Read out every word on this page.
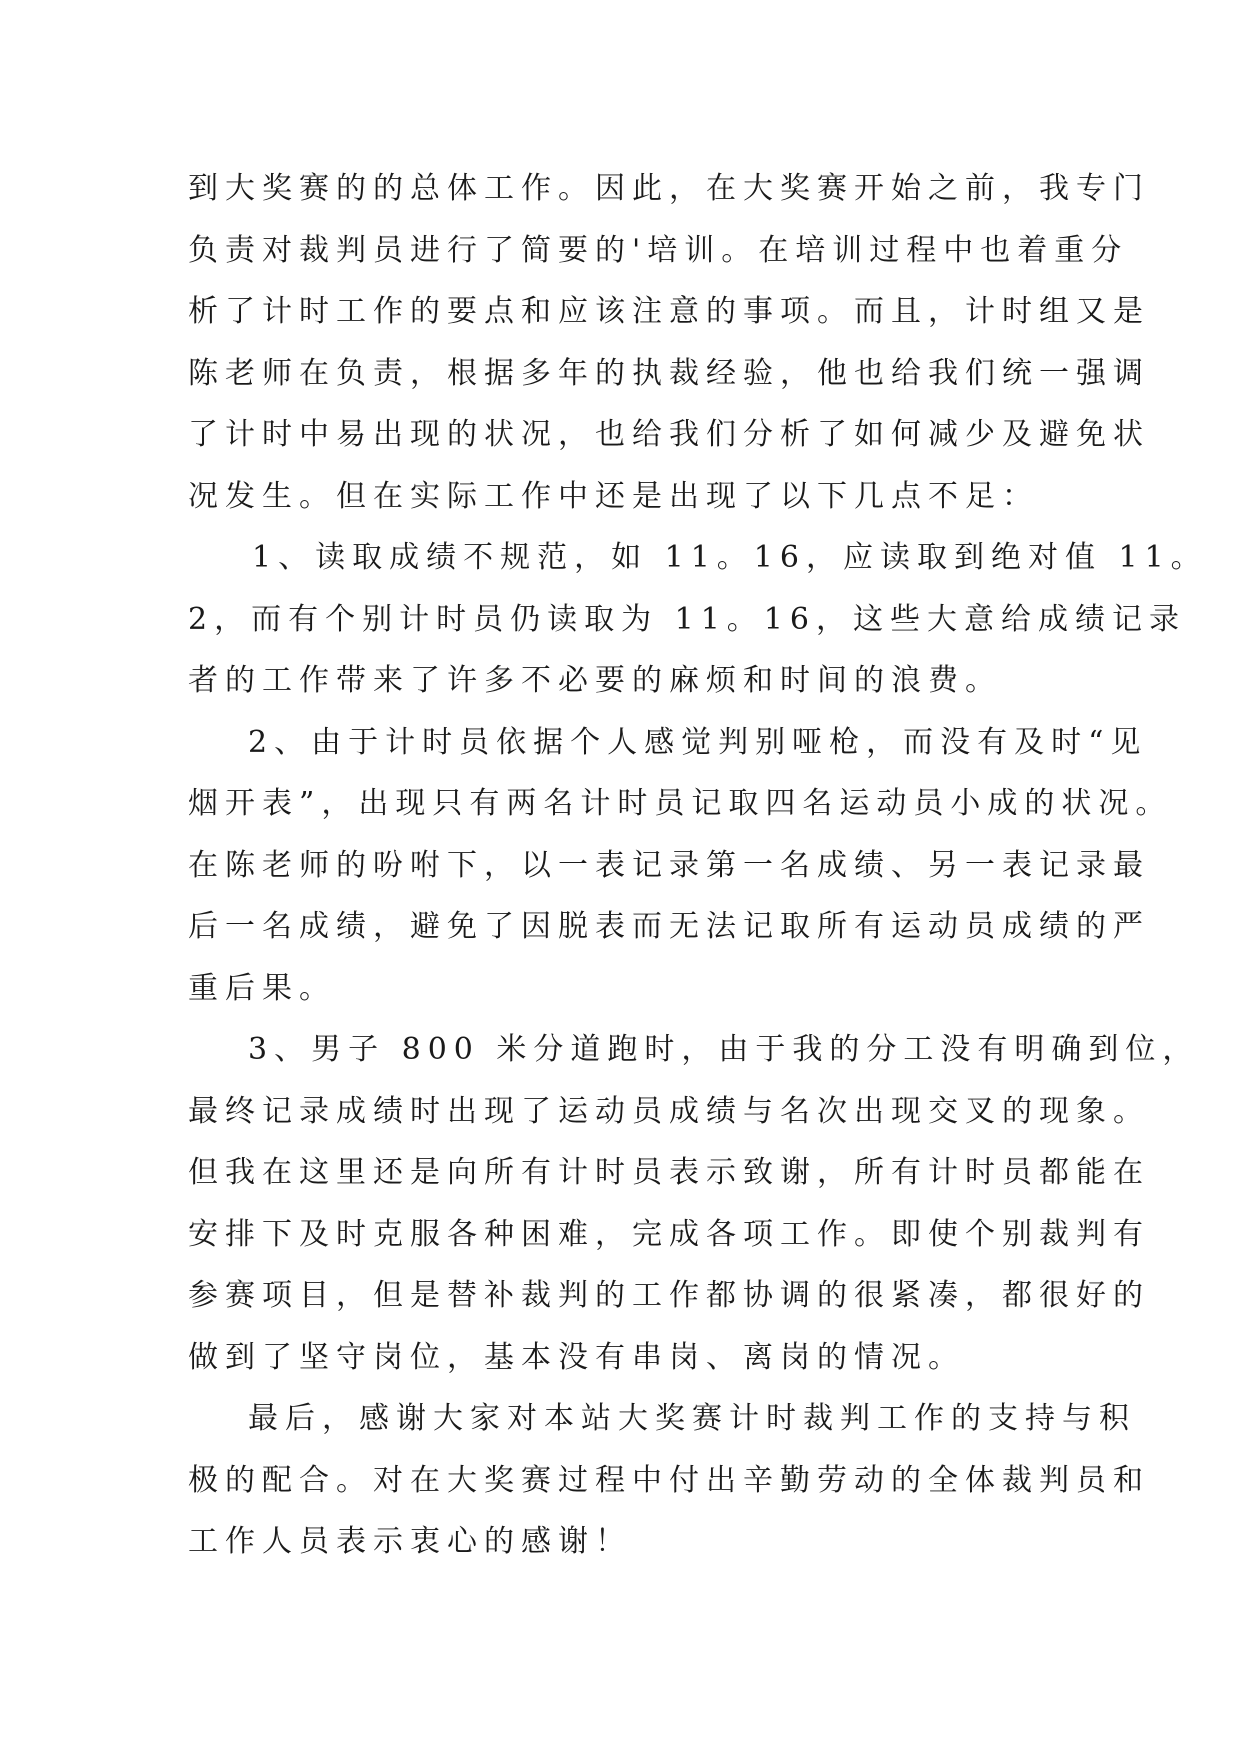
到大奖赛的的总体工作。因此，在大奖赛开始之前，我专门
负责对裁判员进行了简要的'培训。在培训过程中也着重分
析了计时工作的要点和应该注意的事项。而且，计时组又是
陈老师在负责，根据多年的执裁经验，他也给我们统一强调
了计时中易出现的状况，也给我们分析了如何减少及避免状
况发生。但在实际工作中还是出现了以下几点不足：
1、读取成绩不规范，如 11。16，应读取到绝对值 11。
2，而有个别计时员仍读取为 11。16，这些大意给成绩记录
者的工作带来了许多不必要的麻烦和时间的浪费。
2、由于计时员依据个人感觉判别哑枪，而没有及时“见
烟开表”，出现只有两名计时员记取四名运动员小成的状况。
在陈老师的吩咐下，以一表记录第一名成绩、另一表记录最
后一名成绩，避免了因脱表而无法记取所有运动员成绩的严
重后果。
3、男子 800 米分道跑时，由于我的分工没有明确到位，
最终记录成绩时出现了运动员成绩与名次出现交叉的现象。
但我在这里还是向所有计时员表示致谢，所有计时员都能在
安排下及时克服各种困难，完成各项工作。即使个别裁判有
参赛项目，但是替补裁判的工作都协调的很紧凑，都很好的
做到了坚守岗位，基本没有串岗、离岗的情况。
最后，感谢大家对本站大奖赛计时裁判工作的支持与积
极的配合。对在大奖赛过程中付出辛勤劳动的全体裁判员和
工作人员表示衷心的感谢！
